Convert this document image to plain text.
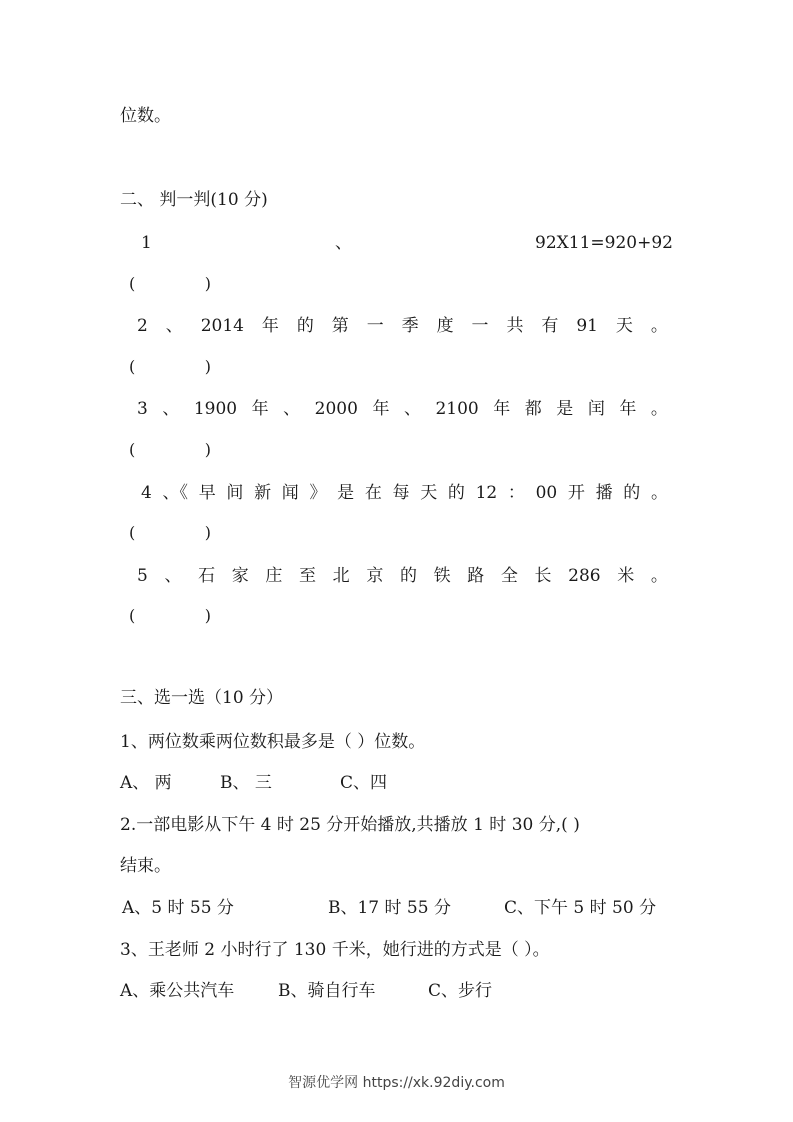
位数。
二、 判一判(10 分)
1	、	92X11=920+92
(	)
2 、 2014 年 的 第 一 季 度 一 共 有 91 天 。
(	)
3 、 1900 年 、 2000 年 、 2100 年 都 是 闰 年 。
(	)
4 、《 早 间 新 闻 》 是 在 每 天 的 12 ： 00 开 播 的 。
(	)
5 、 石 家 庄 至 北 京 的 铁 路 全 长 286 米 。
(	)
三、选一选（10 分）
1、两位数乘两位数积最多是（ ）位数。
A、 两	B、 三	C、四
2.一部电影从下午 4 时 25 分开始播放,共播放 1 时 30 分,( )
结束。
A、5 时 55 分	B、17 时 55 分	C、下午 5 时 50 分
3、王老师 2 小时行了 130 千米，她行进的方式是（ ）。
A、乘公共汽车	B、骑自行车	C、步行
智源优学网 https://xk.92diy.com
